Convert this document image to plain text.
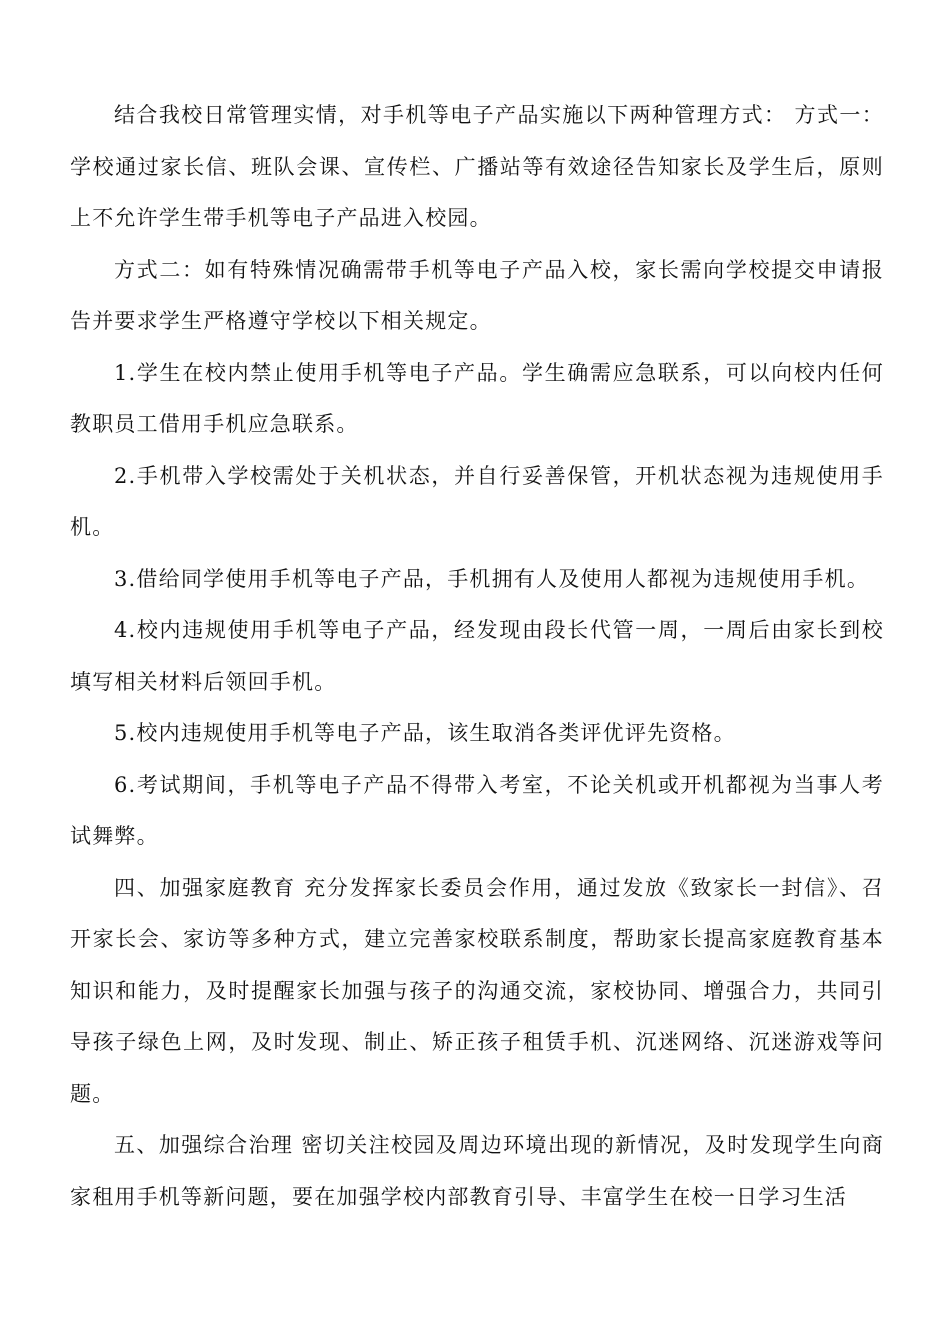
结合我校日常管理实情，对手机等电子产品实施以下两种管理方式： 方式一：学校通过家长信、班队会课、宣传栏、广播站等有效途径告知家长及学生后，原则上不允许学生带手机等电子产品进入校园。

方式二：如有特殊情况确需带手机等电子产品入校，家长需向学校提交申请报告并要求学生严格遵守学校以下相关规定。

1.学生在校内禁止使用手机等电子产品。学生确需应急联系，可以向校内任何教职员工借用手机应急联系。

2.手机带入学校需处于关机状态，并自行妥善保管，开机状态视为违规使用手机。

3.借给同学使用手机等电子产品，手机拥有人及使用人都视为违规使用手机。

4.校内违规使用手机等电子产品，经发现由段长代管一周，一周后由家长到校填写相关材料后领回手机。

5.校内违规使用手机等电子产品，该生取消各类评优评先资格。

6.考试期间，手机等电子产品不得带入考室，不论关机或开机都视为当事人考试舞弊。

四、加强家庭教育 充分发挥家长委员会作用，通过发放《致家长一封信》、召开家长会、家访等多种方式，建立完善家校联系制度，帮助家长提高家庭教育基本知识和能力，及时提醒家长加强与孩子的沟通交流，家校协同、增强合力，共同引导孩子绿色上网，及时发现、制止、矫正孩子租赁手机、沉迷网络、沉迷游戏等问题。

五、加强综合治理 密切关注校园及周边环境出现的新情况，及时发现学生向商家租用手机等新问题，要在加强学校内部教育引导、丰富学生在校一日学习生活
